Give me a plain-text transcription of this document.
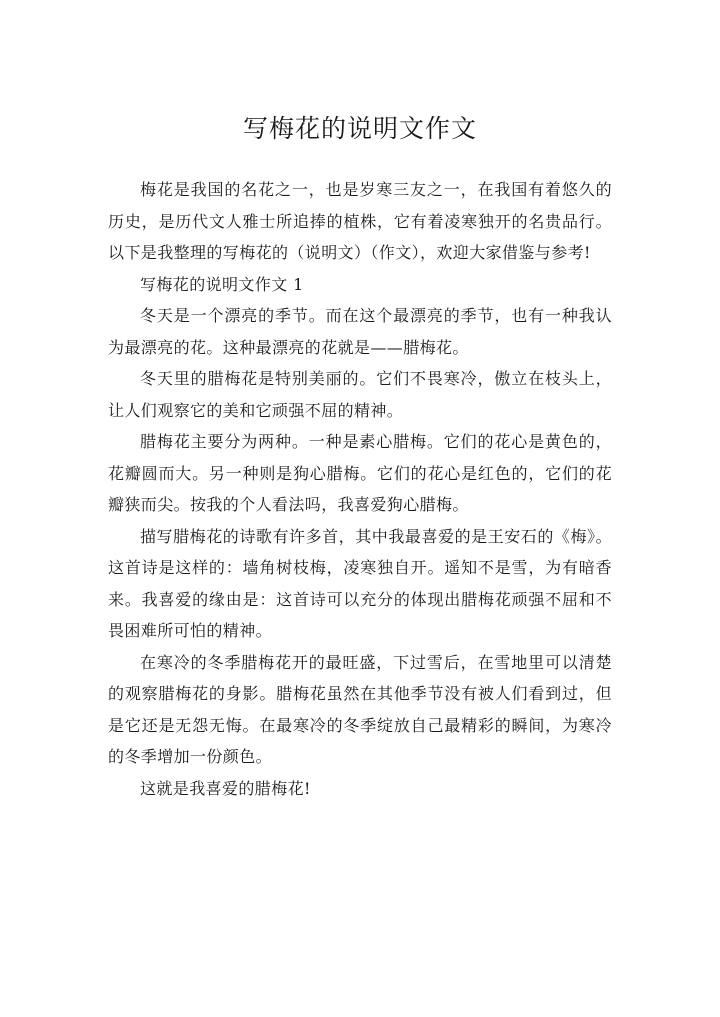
写梅花的说明文作文

梅花是我国的名花之一，也是岁寒三友之一，在我国有着悠久的历史，是历代文人雅士所追捧的植株，它有着凌寒独开的名贵品行。以下是我整理的写梅花的（说明文）（作文），欢迎大家借鉴与参考!

写梅花的说明文作文 1

冬天是一个漂亮的季节。而在这个最漂亮的季节，也有一种我认为最漂亮的花。这种最漂亮的花就是——腊梅花。

冬天里的腊梅花是特别美丽的。它们不畏寒冷，傲立在枝头上，让人们观察它的美和它顽强不屈的精神。

腊梅花主要分为两种。一种是素心腊梅。它们的花心是黄色的，花瓣圆而大。另一种则是狗心腊梅。它们的花心是红色的，它们的花瓣狭而尖。按我的个人看法吗，我喜爱狗心腊梅。

描写腊梅花的诗歌有许多首，其中我最喜爱的是王安石的《梅》。这首诗是这样的：墙角树枝梅，凌寒独自开。遥知不是雪，为有暗香来。我喜爱的缘由是：这首诗可以充分的体现出腊梅花顽强不屈和不畏困难所可怕的精神。

在寒冷的冬季腊梅花开的最旺盛，下过雪后，在雪地里可以清楚的观察腊梅花的身影。腊梅花虽然在其他季节没有被人们看到过，但是它还是无怨无悔。在最寒冷的冬季绽放自己最精彩的瞬间，为寒冷的冬季增加一份颜色。

这就是我喜爱的腊梅花!
